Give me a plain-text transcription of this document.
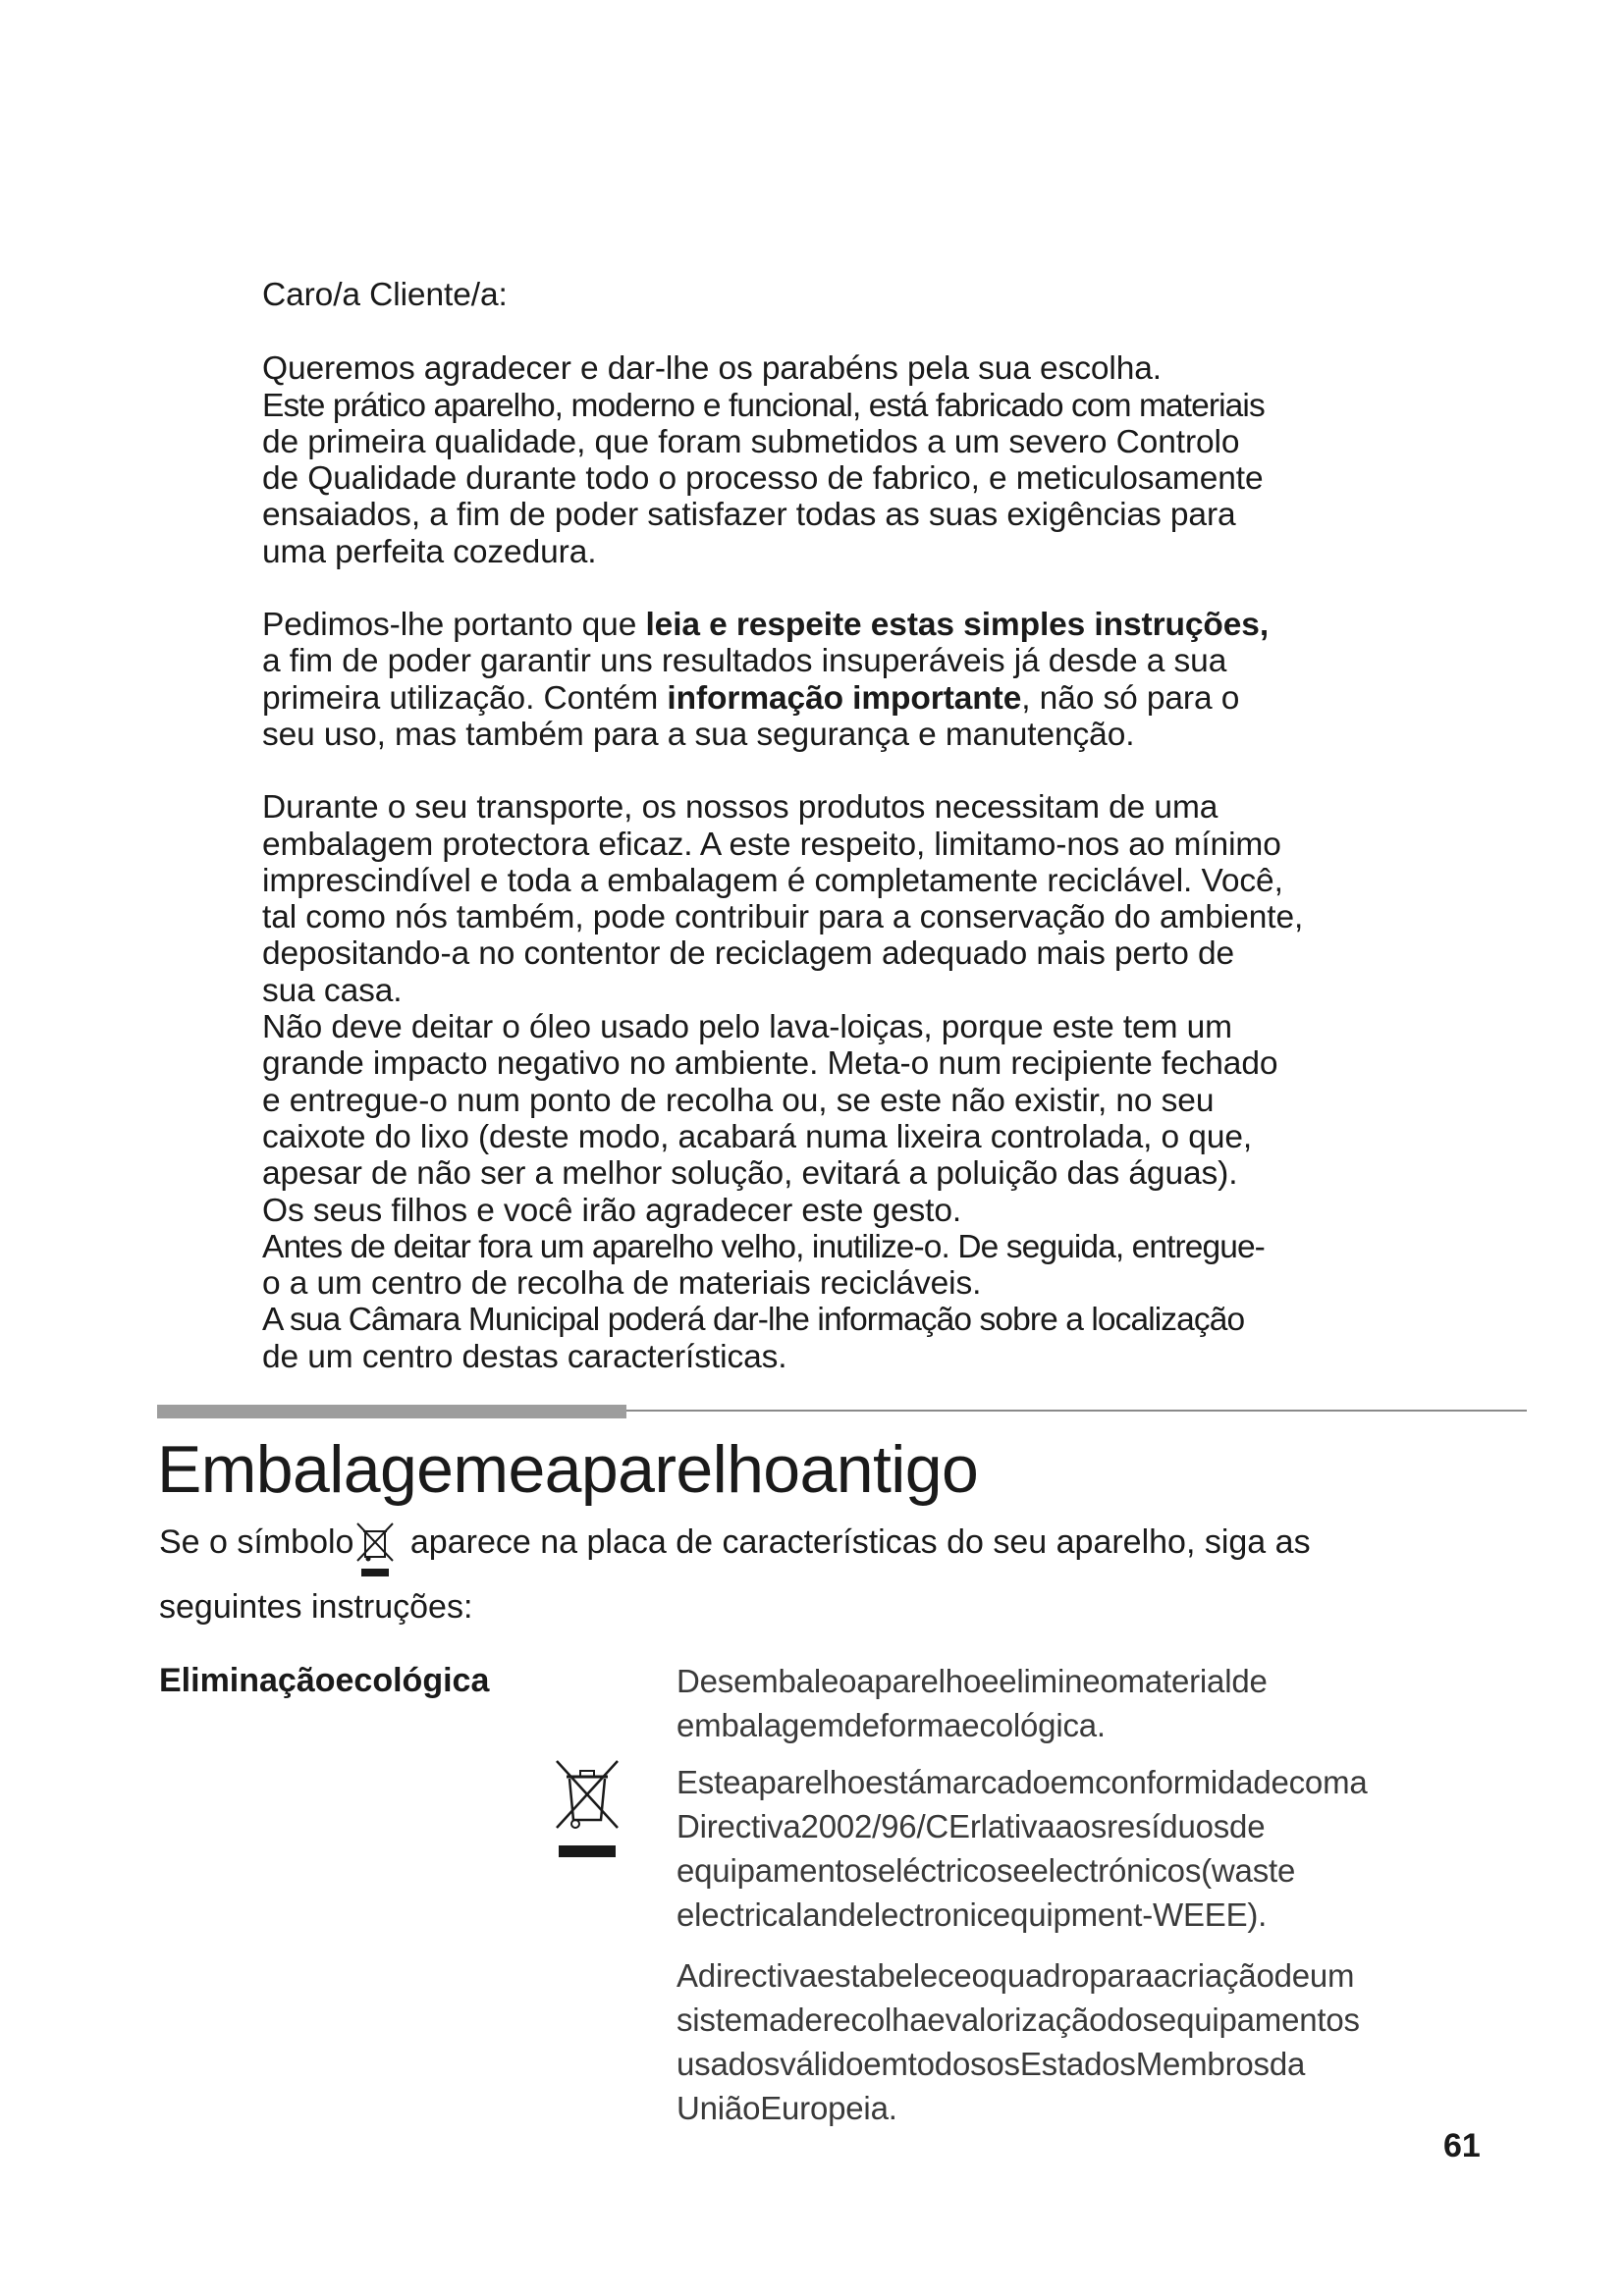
Caro/a Cliente/a:

Queremos agradecer e dar-lhe os parabéns pela sua escolha.
Este prático aparelho, moderno e funcional, está fabricado com materiais
de primeira qualidade, que foram submetidos a um severo Controlo
de Qualidade durante todo o processo de fabrico, e meticulosamente
ensaiados, a fim de poder satisfazer todas as suas exigências para
uma perfeita cozedura.

Pedimos-lhe portanto que leia e respeite estas simples instruções,
a fim de poder garantir uns resultados insuperáveis já desde a sua
primeira utilização. Contém informação importante, não só para o
seu uso, mas também para a sua segurança e manutenção.

Durante o seu transporte, os nossos produtos necessitam de uma
embalagem protectora eficaz. A este respeito, limitamo-nos ao mínimo
imprescindível e toda a embalagem é completamente reciclável. Você,
tal como nós também, pode contribuir para a conservação do ambiente,
depositando-a no contentor de reciclagem adequado mais perto de
sua casa.
Não deve deitar o óleo usado pelo lava-loiças, porque este tem um
grande impacto negativo no ambiente. Meta-o num recipiente fechado
e entregue-o num ponto de recolha ou, se este não existir, no seu
caixote do lixo (deste modo, acabará numa lixeira controlada, o que,
apesar de não ser a melhor solução, evitará a poluição das águas).
Os seus filhos e você irão agradecer este gesto.
Antes de deitar fora um aparelho velho, inutilize-o. De seguida, entregue-
o a um centro de recolha de materiais recicláveis.
A sua Câmara Municipal poderá dar-lhe informação sobre a localização
de um centro destas características.

Embalagemeaparelhoantigo
Se o símbolo aparece na placa de características do seu aparelho, siga as
seguintes instruções:
Eliminaçãoecológica	Desembaleoaparelhoeelimineomaterialde
embalagemdeformaecológica.
Esteaparelhoestámarcadoemconformidadecoma
Directiva2002/96/CErlativaaosresíduosde
equipamentoseléctricoseelectrónicos(waste
electricalandelectronicequipment-WEEE).
Adirectivaestabeleceoquadroparaacriaçãodeum
sistemaderecolhaevalorizaçãodosequipamentos
usadosválidoemtodososEstadosMembrosda
UniãoEuropeia.
61
